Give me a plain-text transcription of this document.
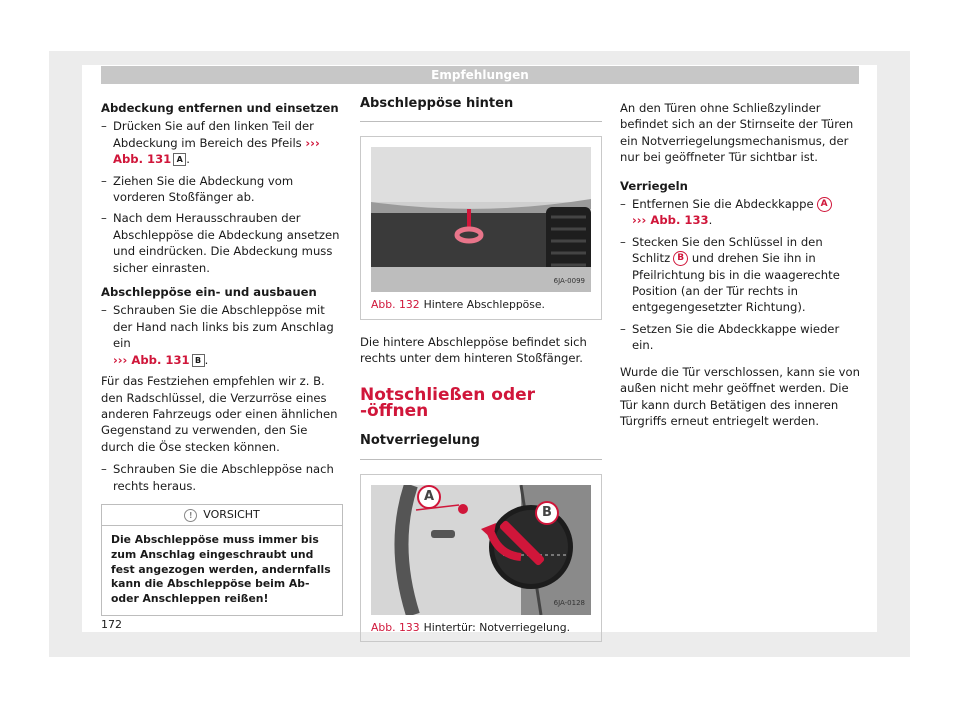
Empfehlungen
Abdeckung entfernen und einsetzen
– Drücken Sie auf den linken Teil der Abdeckung im Bereich des Pfeils ››› Abb. 131 A .
– Ziehen Sie die Abdeckung vom vorderen Stoßfänger ab.
– Nach dem Herausschrauben der Abschleppöse die Abdeckung ansetzen und eindrücken. Die Abdeckung muss sicher einrasten.
Abschleppöse ein- und ausbauen
– Schrauben Sie die Abschleppöse mit der Hand nach links bis zum Anschlag ein
››› Abb. 131 B .
Für das Festziehen empfehlen wir z. B. den Radschlüssel, die Verzurröse eines anderen Fahrzeugs oder einen ähnlichen Gegenstand zu verwenden, den Sie durch die Öse stecken können.
– Schrauben Sie die Abschleppöse nach rechts heraus.
! VORSICHT
Die Abschleppöse muss immer bis zum Anschlag eingeschraubt und fest angezogen werden, andernfalls kann die Abschleppöse beim Ab- oder Anschleppen reißen!
Abschleppöse hinten
6JA-0099
Abb. 132 Hintere Abschleppöse.
Die hintere Abschleppöse befindet sich rechts unter dem hinteren Stoßfänger.
Notschließen oder -öffnen
Notverriegelung
A
B
6JA-0128
Abb. 133 Hintertür: Notverriegelung.
An den Türen ohne Schließzylinder befindet sich an der Stirnseite der Türen ein Notverriegelungsmechanismus, der nur bei geöffneter Tür sichtbar ist.
Verriegeln
– Entfernen Sie die Abdeckkappe A
››› Abb. 133.
– Stecken Sie den Schlüssel in den Schlitz B und drehen Sie ihn in Pfeilrichtung bis in die waagerechte Position (an der Tür rechts in entgegengesetzter Richtung).
– Setzen Sie die Abdeckkappe wieder ein.
Wurde die Tür verschlossen, kann sie von außen nicht mehr geöffnet werden. Die Tür kann durch Betätigen des inneren Türgriffs erneut entriegelt werden.
172
